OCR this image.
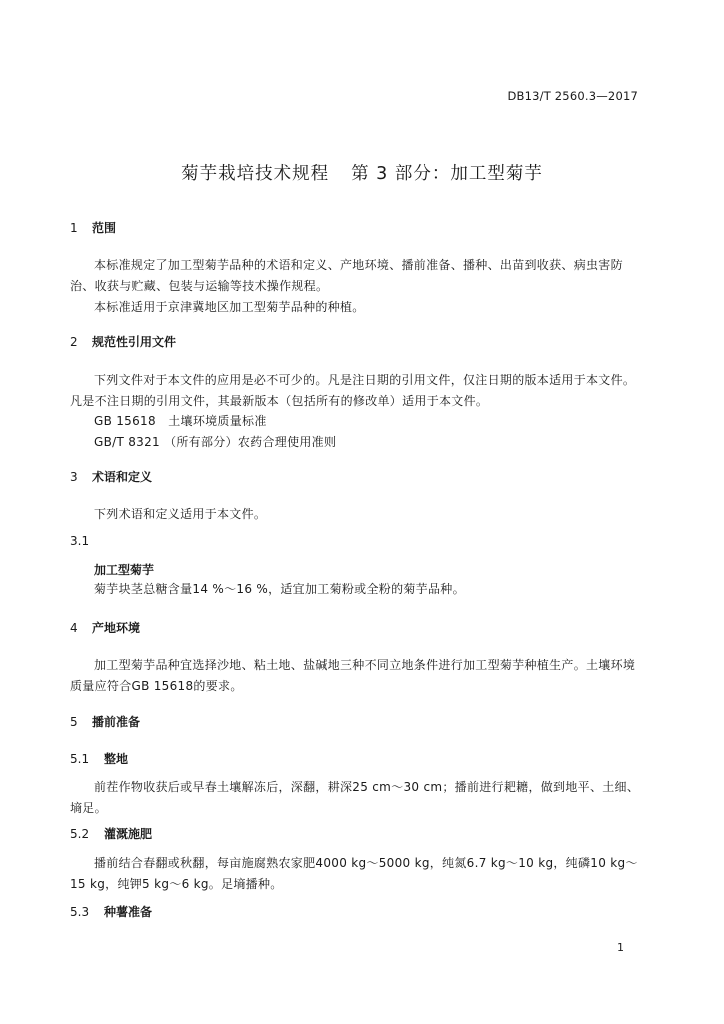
DB13/T 2560.3—2017
菊芋栽培技术规程 第 3 部分：加工型菊芋
1 范围
本标准规定了加工型菊芋品种的术语和定义、产地环境、播前准备、播种、出苗到收获、病虫害防治、收获与贮藏、包装与运输等技术操作规程。
本标准适用于京津冀地区加工型菊芋品种的种植。
2 规范性引用文件
下列文件对于本文件的应用是必不可少的。凡是注日期的引用文件，仅注日期的版本适用于本文件。凡是不注日期的引用文件，其最新版本（包括所有的修改单）适用于本文件。
GB 15618　土壤环境质量标准
GB/T 8321 （所有部分）农药合理使用准则
3 术语和定义
下列术语和定义适用于本文件。
3.1
加工型菊芋
菊芋块茎总糖含量14 %～16 %，适宜加工菊粉或全粉的菊芋品种。
4 产地环境
加工型菊芋品种宜选择沙地、粘土地、盐碱地三种不同立地条件进行加工型菊芋种植生产。土壤环境质量应符合GB 15618的要求。
5 播前准备
5.1 整地
前茬作物收获后或早春土壤解冻后，深翻，耕深25 cm～30 cm；播前进行耙耱，做到地平、土细、墒足。
5.2 灌溉施肥
播前结合春翻或秋翻，每亩施腐熟农家肥4000 kg～5000 kg，纯氮6.7 kg～10 kg，纯磷10 kg～15 kg，纯钾5 kg～6 kg。足墒播种。
5.3 种薯准备
1
